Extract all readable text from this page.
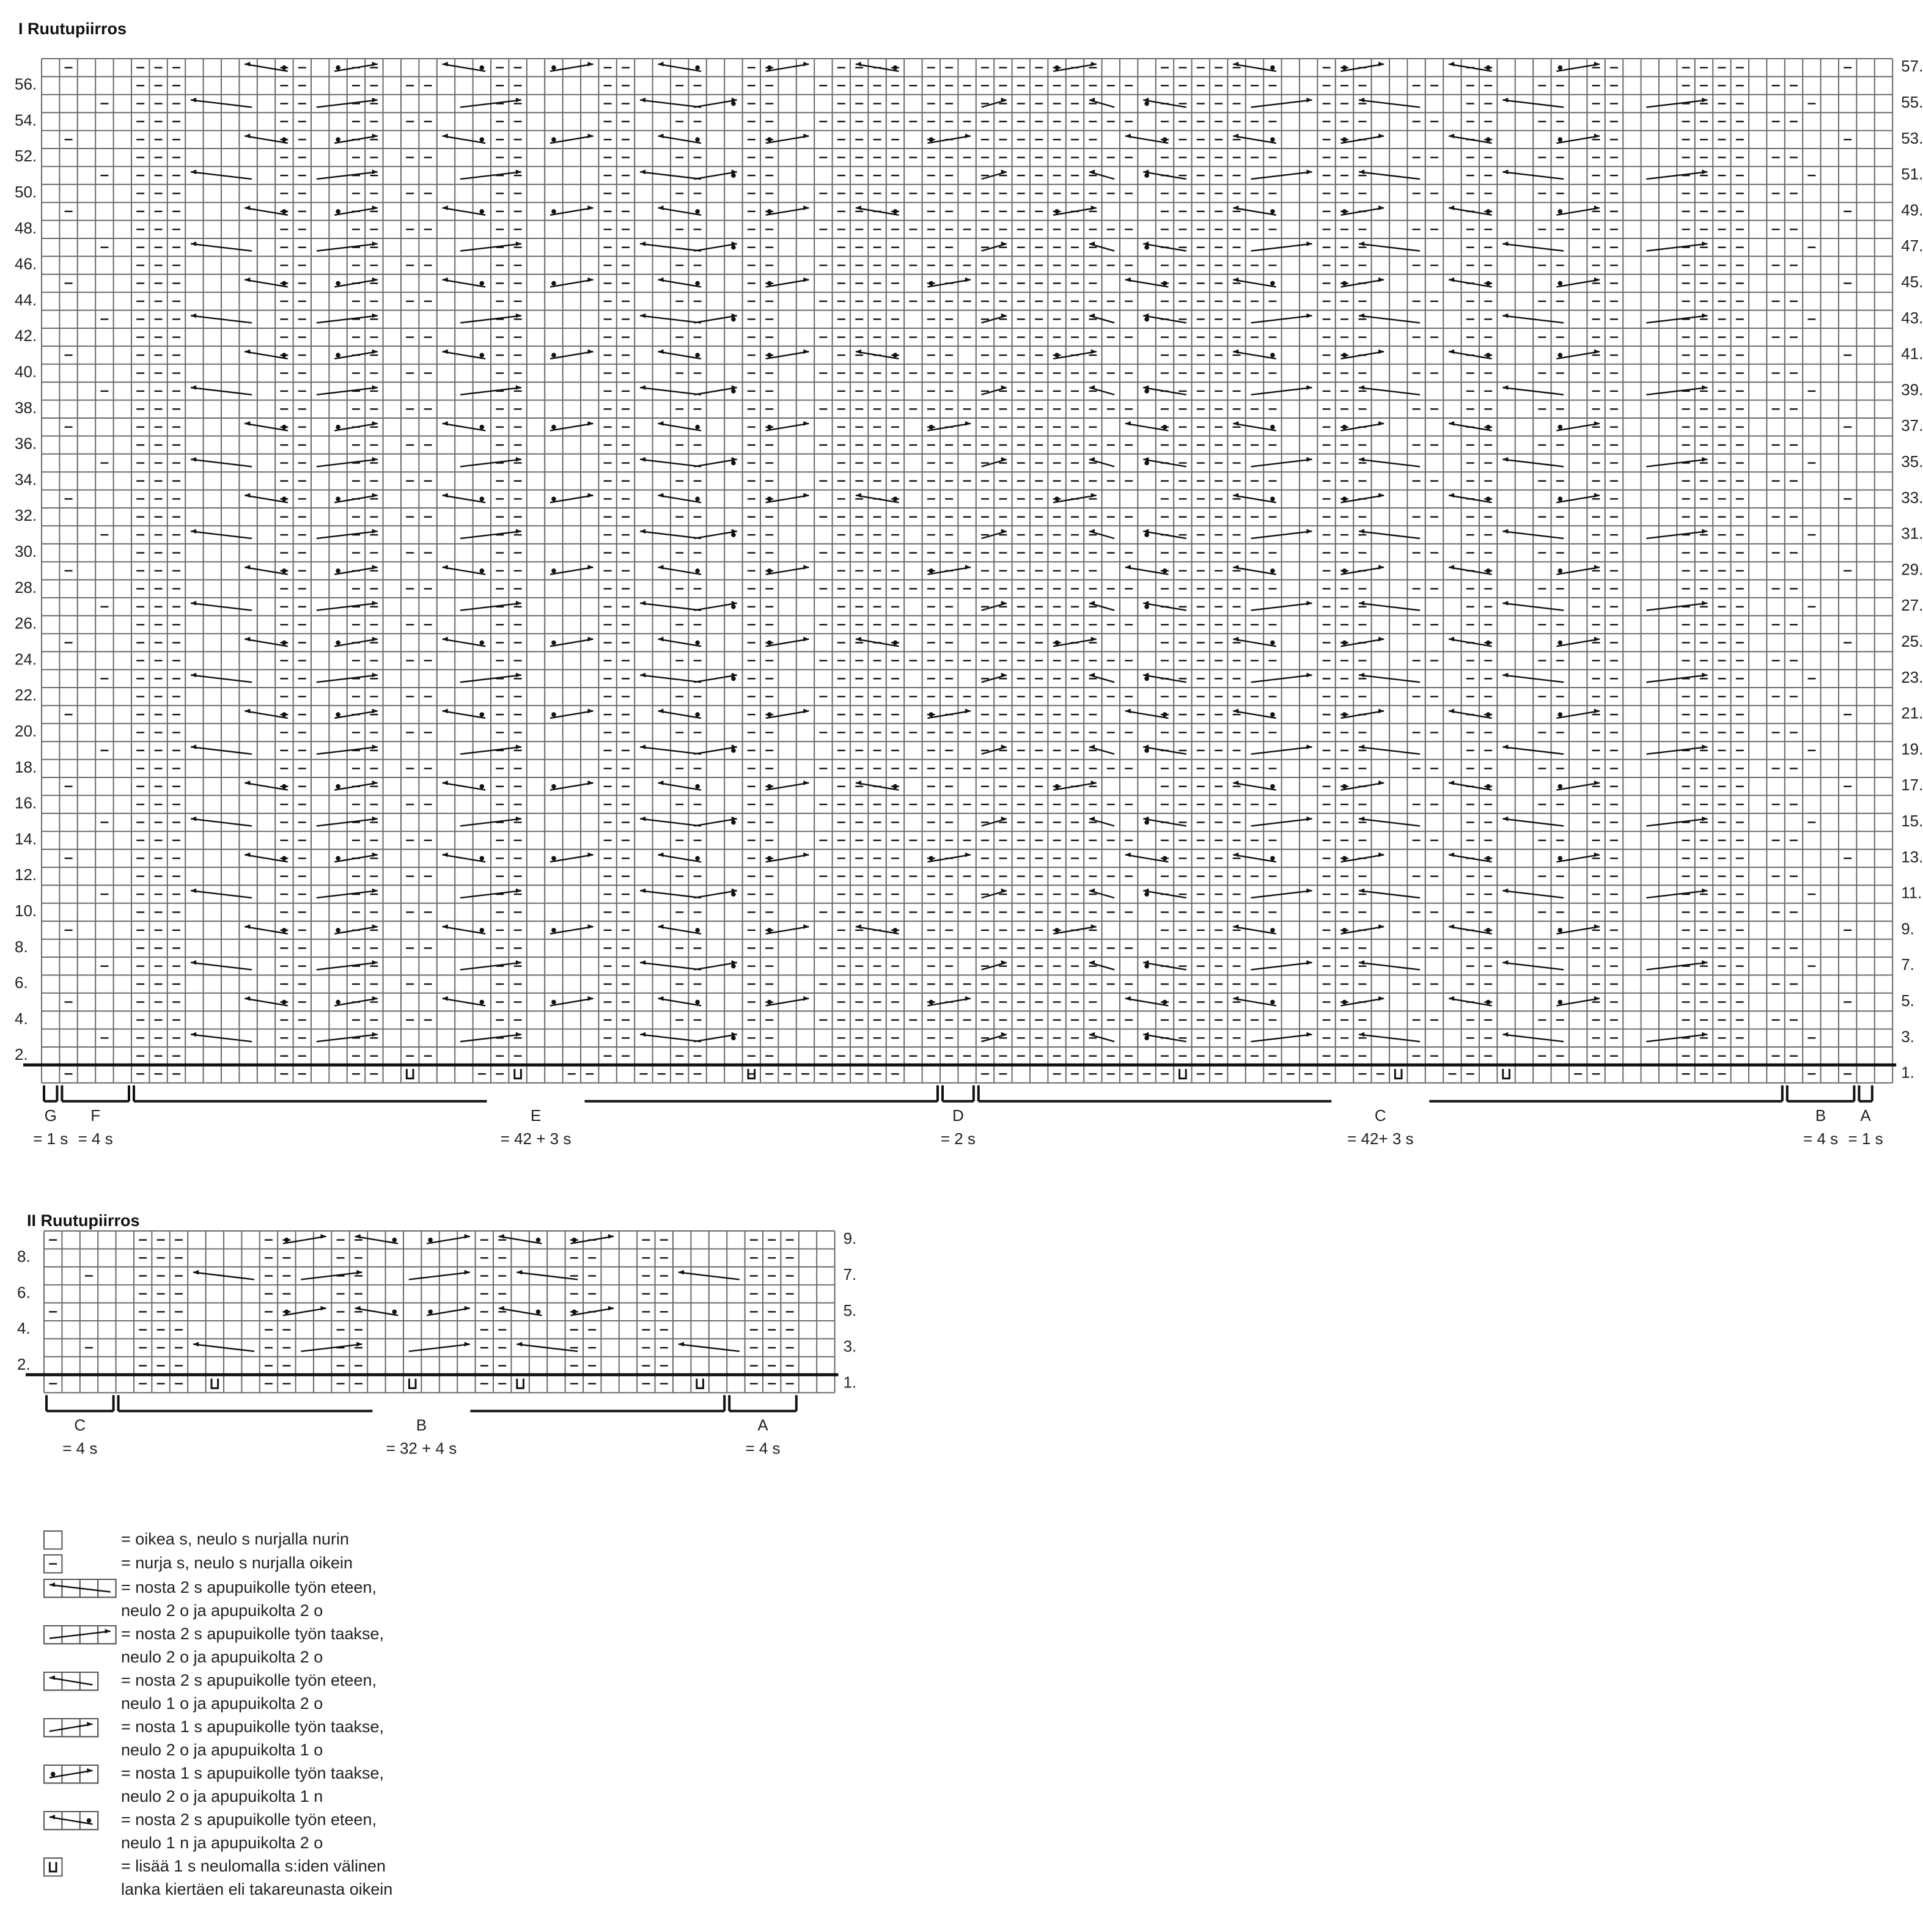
I Ruutupiirros
1.
2.
3.
4.
5.
6.
7.
8.
9.
10.
11.
12.
13.
14.
15.
16.
17.
18.
19.
20.
21.
22.
23.
24.
25.
26.
27.
28.
29.
30.
31.
32.
33.
34.
35.
36.
37.
38.
39.
40.
41.
42.
43.
44.
45.
46.
47.
48.
49.
50.
51.
52.
53.
54.
55.
56.
57.
G
= 1 s
F
= 4 s
E
= 42 + 3 s
D
= 2 s
C
= 42+ 3 s
B
= 4 s
A
= 1 s
II Ruutupiirros
1.
2.
3.
4.
5.
6.
7.
8.
9.
C
= 4 s
B
= 32 + 4 s
A
= 4 s
= oikea s, neulo s nurjalla nurin
= nurja s, neulo s nurjalla oikein
= nosta 2 s apupuikolle työn eteen,
neulo 2 o ja apupuikolta 2 o
= nosta 2 s apupuikolle työn taakse,
neulo 2 o ja apupuikolta 2 o
= nosta 2 s apupuikolle työn eteen,
neulo 1 o ja apupuikolta 2 o
= nosta 1 s apupuikolle työn taakse,
neulo 2 o ja apupuikolta 1 o
= nosta 1 s apupuikolle työn taakse,
neulo 2 o ja apupuikolta 1 n
= nosta 2 s apupuikolle työn eteen,
neulo 1 n ja apupuikolta 2 o
= lisää 1 s neulomalla s:iden välinen
lanka kiertäen eli takareunasta oikein
